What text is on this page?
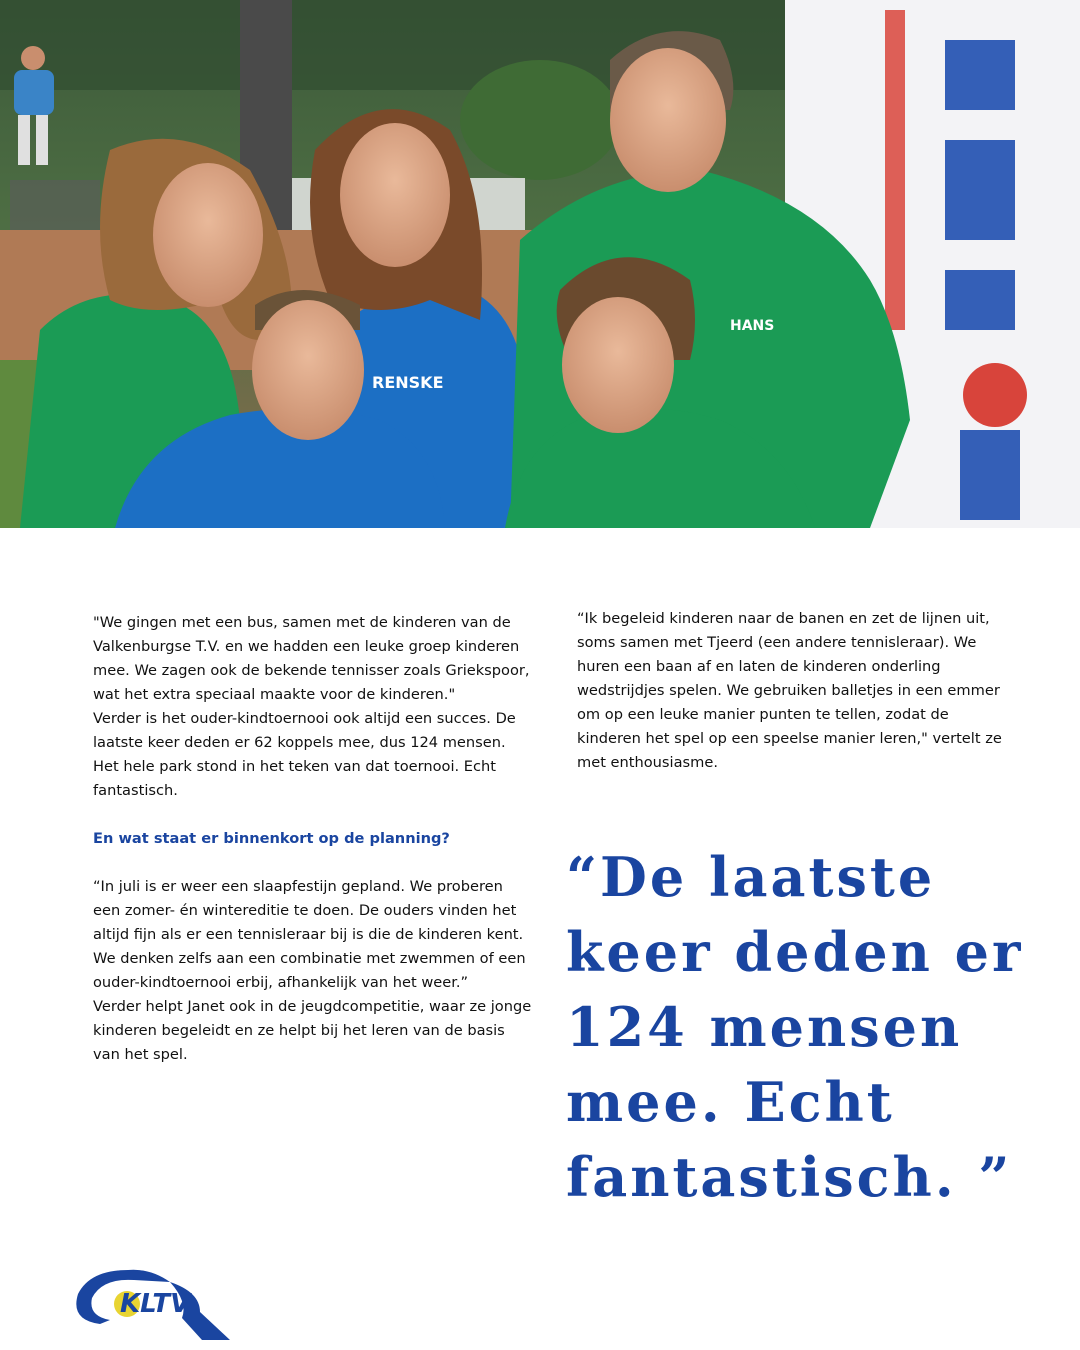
RENSKE
HANS

"We gingen met een bus, samen met de kinderen van de Valkenburgse T.V. en we hadden een leuke groep kinderen mee. We zagen ook de bekende tennisser zoals Griekspoor, wat het extra speciaal maakte voor de kinderen."

Verder is het ouder-kindtoernooi ook altijd een succes. De laatste keer deden er 62 koppels mee, dus 124 mensen. Het hele park stond in het teken van dat toernooi. Echt fantastisch.

En wat staat er binnenkort op de planning?

“In juli is er weer een slaapfestijn gepland. We proberen een zomer- én wintereditie te doen. De ouders vinden het altijd fijn als er een tennisleraar bij is die de kinderen kent. We denken zelfs aan een combinatie met zwemmen of een ouder-kindtoernooi erbij, afhankelijk van het weer.”

Verder helpt Janet ook in de jeugdcompetitie, waar ze jonge kinderen begeleidt en ze helpt bij het leren van de basis van het spel.

“Ik begeleid kinderen naar de banen en zet de lijnen uit, soms samen met Tjeerd (een andere tennisleraar). We huren een baan af en laten de kinderen onderling wedstrijdjes spelen. We gebruiken balletjes in een emmer om op een leuke manier punten te tellen, zodat de kinderen het spel op een speelse manier leren," vertelt ze met enthousiasme.

“De laatste keer deden er 124 mensen mee. Echt fantastisch. ”
KLTV
